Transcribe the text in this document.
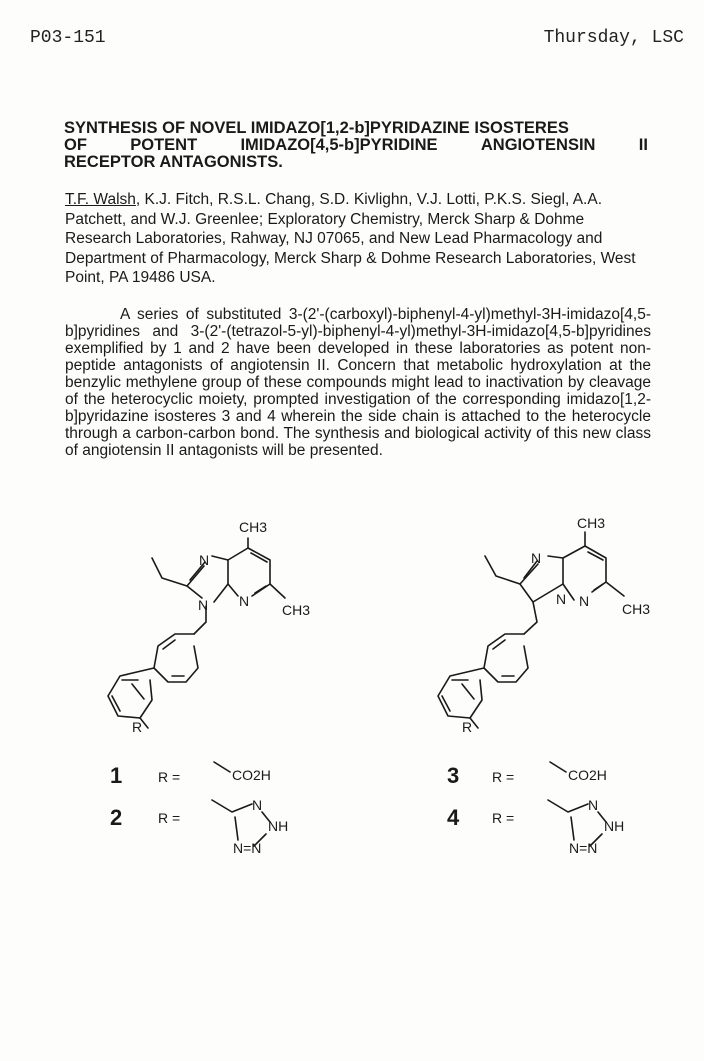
P03-151	Thursday, LSC
SYNTHESIS OF NOVEL IMIDAZO[1,2-b]PYRIDAZINE ISOSTERES
OF	POTENT	IMIDAZO[4,5-b]PYRIDINE	ANGIOTENSIN	II
RECEPTOR ANTAGONISTS.
T.F. Walsh, K.J. Fitch, R.S.L. Chang, S.D. Kivlighn, V.J. Lotti, P.K.S. Siegl, A.A. Patchett, and W.J. Greenlee; Exploratory Chemistry, Merck Sharp & Dohme Research Laboratories, Rahway, NJ 07065, and New Lead Pharmacology and Department of Pharmacology, Merck Sharp & Dohme Research Laboratories, West Point, PA 19486 USA.

A series of substituted 3-(2'-(carboxyl)-biphenyl-4-yl)methyl-3H-imidazo[4,5-b]pyridines and 3-(2'-(tetrazol-5-yl)-biphenyl-4-yl)methyl-3H-imidazo[4,5-b]pyridines exemplified by 1 and 2 have been developed in these laboratories as potent non-peptide antagonists of angiotensin II. Concern that metabolic hydroxylation at the benzylic methylene group of these compounds might lead to inactivation by cleavage of the heterocyclic moiety, prompted investigation of the corresponding imidazo[1,2-b]pyridazine isosteres 3 and 4 wherein the side chain is attached to the heterocycle through a carbon-carbon bond. The synthesis and biological activity of this new class of angiotensin II antagonists will be presented.

CH3
N
N N
CH3
R
CH3
N
N N CH3
R
1	R =	CO2H
2	R =
N
NH
N=N
3 R =	CO2H
4 R =
N
NH
N=N
